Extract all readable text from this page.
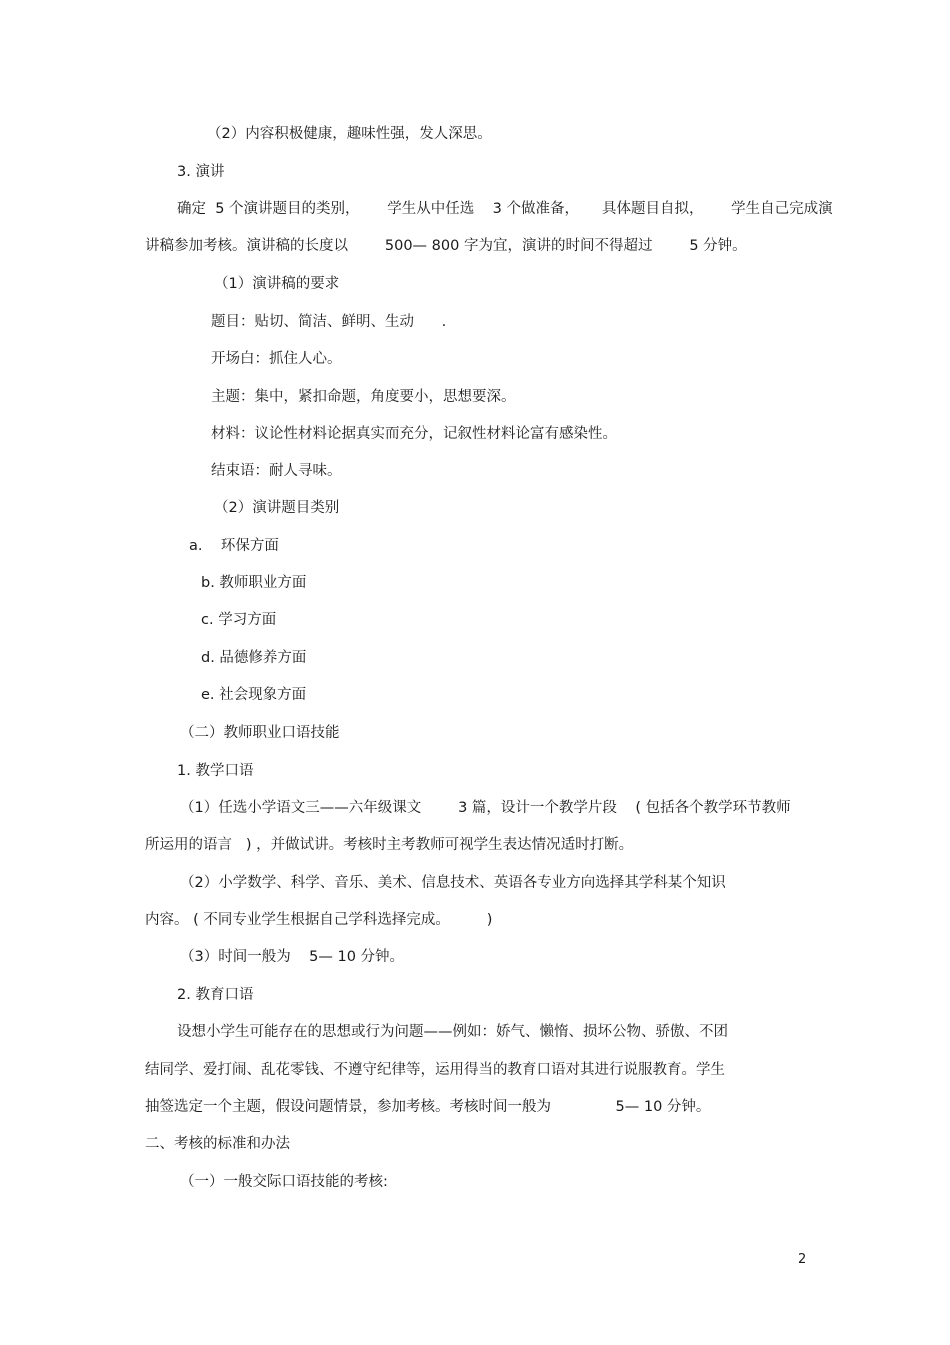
（2）内容积极健康，趣味性强，发人深思。
3. 演讲
确定  5 个演讲题目的类别，      学生从中任选    3 个做准备，     具体题目自拟，      学生自己完成演
讲稿参加考核。演讲稿的长度以        500— 800 字为宜，演讲的时间不得超过        5 分钟。
（1）演讲稿的要求
题目：贴切、简洁、鲜明、生动      .
开场白：抓住人心。
主题：集中，紧扣命题，角度要小，思想要深。
材料：议论性材料论据真实而充分，记叙性材料论富有感染性。
结束语：耐人寻味。
（2）演讲题目类别
a.    环保方面
b. 教师职业方面
c. 学习方面
d. 品德修养方面
e. 社会现象方面
（二）教师职业口语技能
1. 教学口语
（1）任选小学语文三——六年级课文        3 篇，设计一个教学片段    ( 包括各个教学环节教师
所运用的语言   ) ，并做试讲。考核时主考教师可视学生表达情况适时打断。
（2）小学数学、科学、音乐、美术、信息技术、英语各专业方向选择其学科某个知识
内容。 ( 不同专业学生根据自己学科选择完成。        )
（3）时间一般为    5— 10 分钟。
2. 教育口语
设想小学生可能存在的思想或行为问题——例如：娇气、懒惰、损坏公物、骄傲、不团
结同学、爱打闹、乱花零钱、不遵守纪律等，运用得当的教育口语对其进行说服教育。学生
抽签选定一个主题，假设问题情景，参加考核。考核时间一般为              5— 10 分钟。
二、考核的标准和办法
（一）一般交际口语技能的考核:
2
